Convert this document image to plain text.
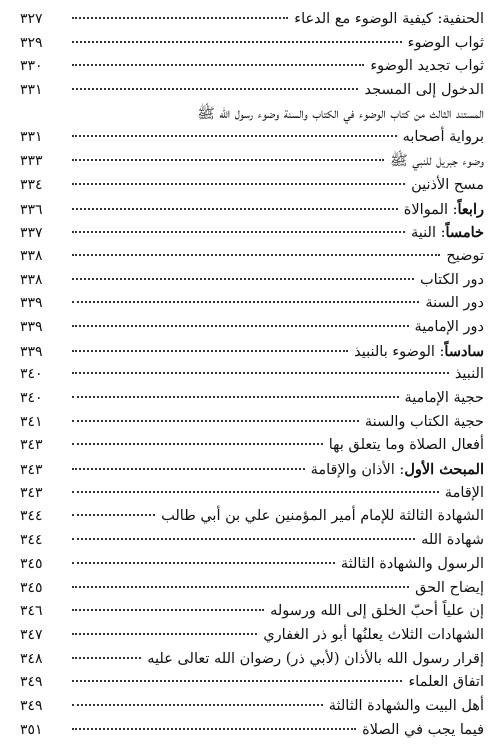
الحنفية: كيفية الوضوء مع الدعاء
٣٢٧
ثواب الوضوء
٣٢٩
ثواب تجديد الوضوء
٣٣٠
الدخول إلى المسجد
٣٣١
المستند الثالث من كتاب الوضوء في الكتاب والسنة وضوء رسول الله ﷺ
برواية أصحابه
٣٣١
وضوء جبريل للنبي ﷺ
٣٣٣
مسح الأذنين
٣٣٤
رابعاً: الموالاة
٣٣٦
خامساً: النية
٣٣٧
توضيح
٣٣٨
دور الكتاب
٣٣٨
دور السنة
٣٣٩
دور الإمامية
٣٣٩
سادساً: الوضوء بالنبيذ
٣٣٩
النبيذ
٣٤٠
حجية الإمامية
٣٤٠
حجية الكتاب والسنة
٣٤١
أفعال الصلاة وما يتعلق بها
٣٤٣
المبحث الأول: الأذان والإقامة
٣٤٣
الإقامة
٣٤٣
الشهادة الثالثة للإمام أمير المؤمنين علي بن أبي طالب
٣٤٤
شهادة الله
٣٤٤
الرسول والشهادة الثالثة
٣٤٥
إيضاح الحق
٣٤٥
إن علياً أحبّ الخلق إلى الله ورسوله
٣٤٦
الشهادات الثلاث يعلنُها أبو ذر الغفاري
٣٤٧
إقرار رسول الله بالأذان (لأبي ذر) رضوان الله تعالى عليه
٣٤٨
اتفاق العلماء
٣٤٩
أهل البيت والشهادة الثالثة
٣٤٩
فيما يجب في الصلاة
٣٥١
